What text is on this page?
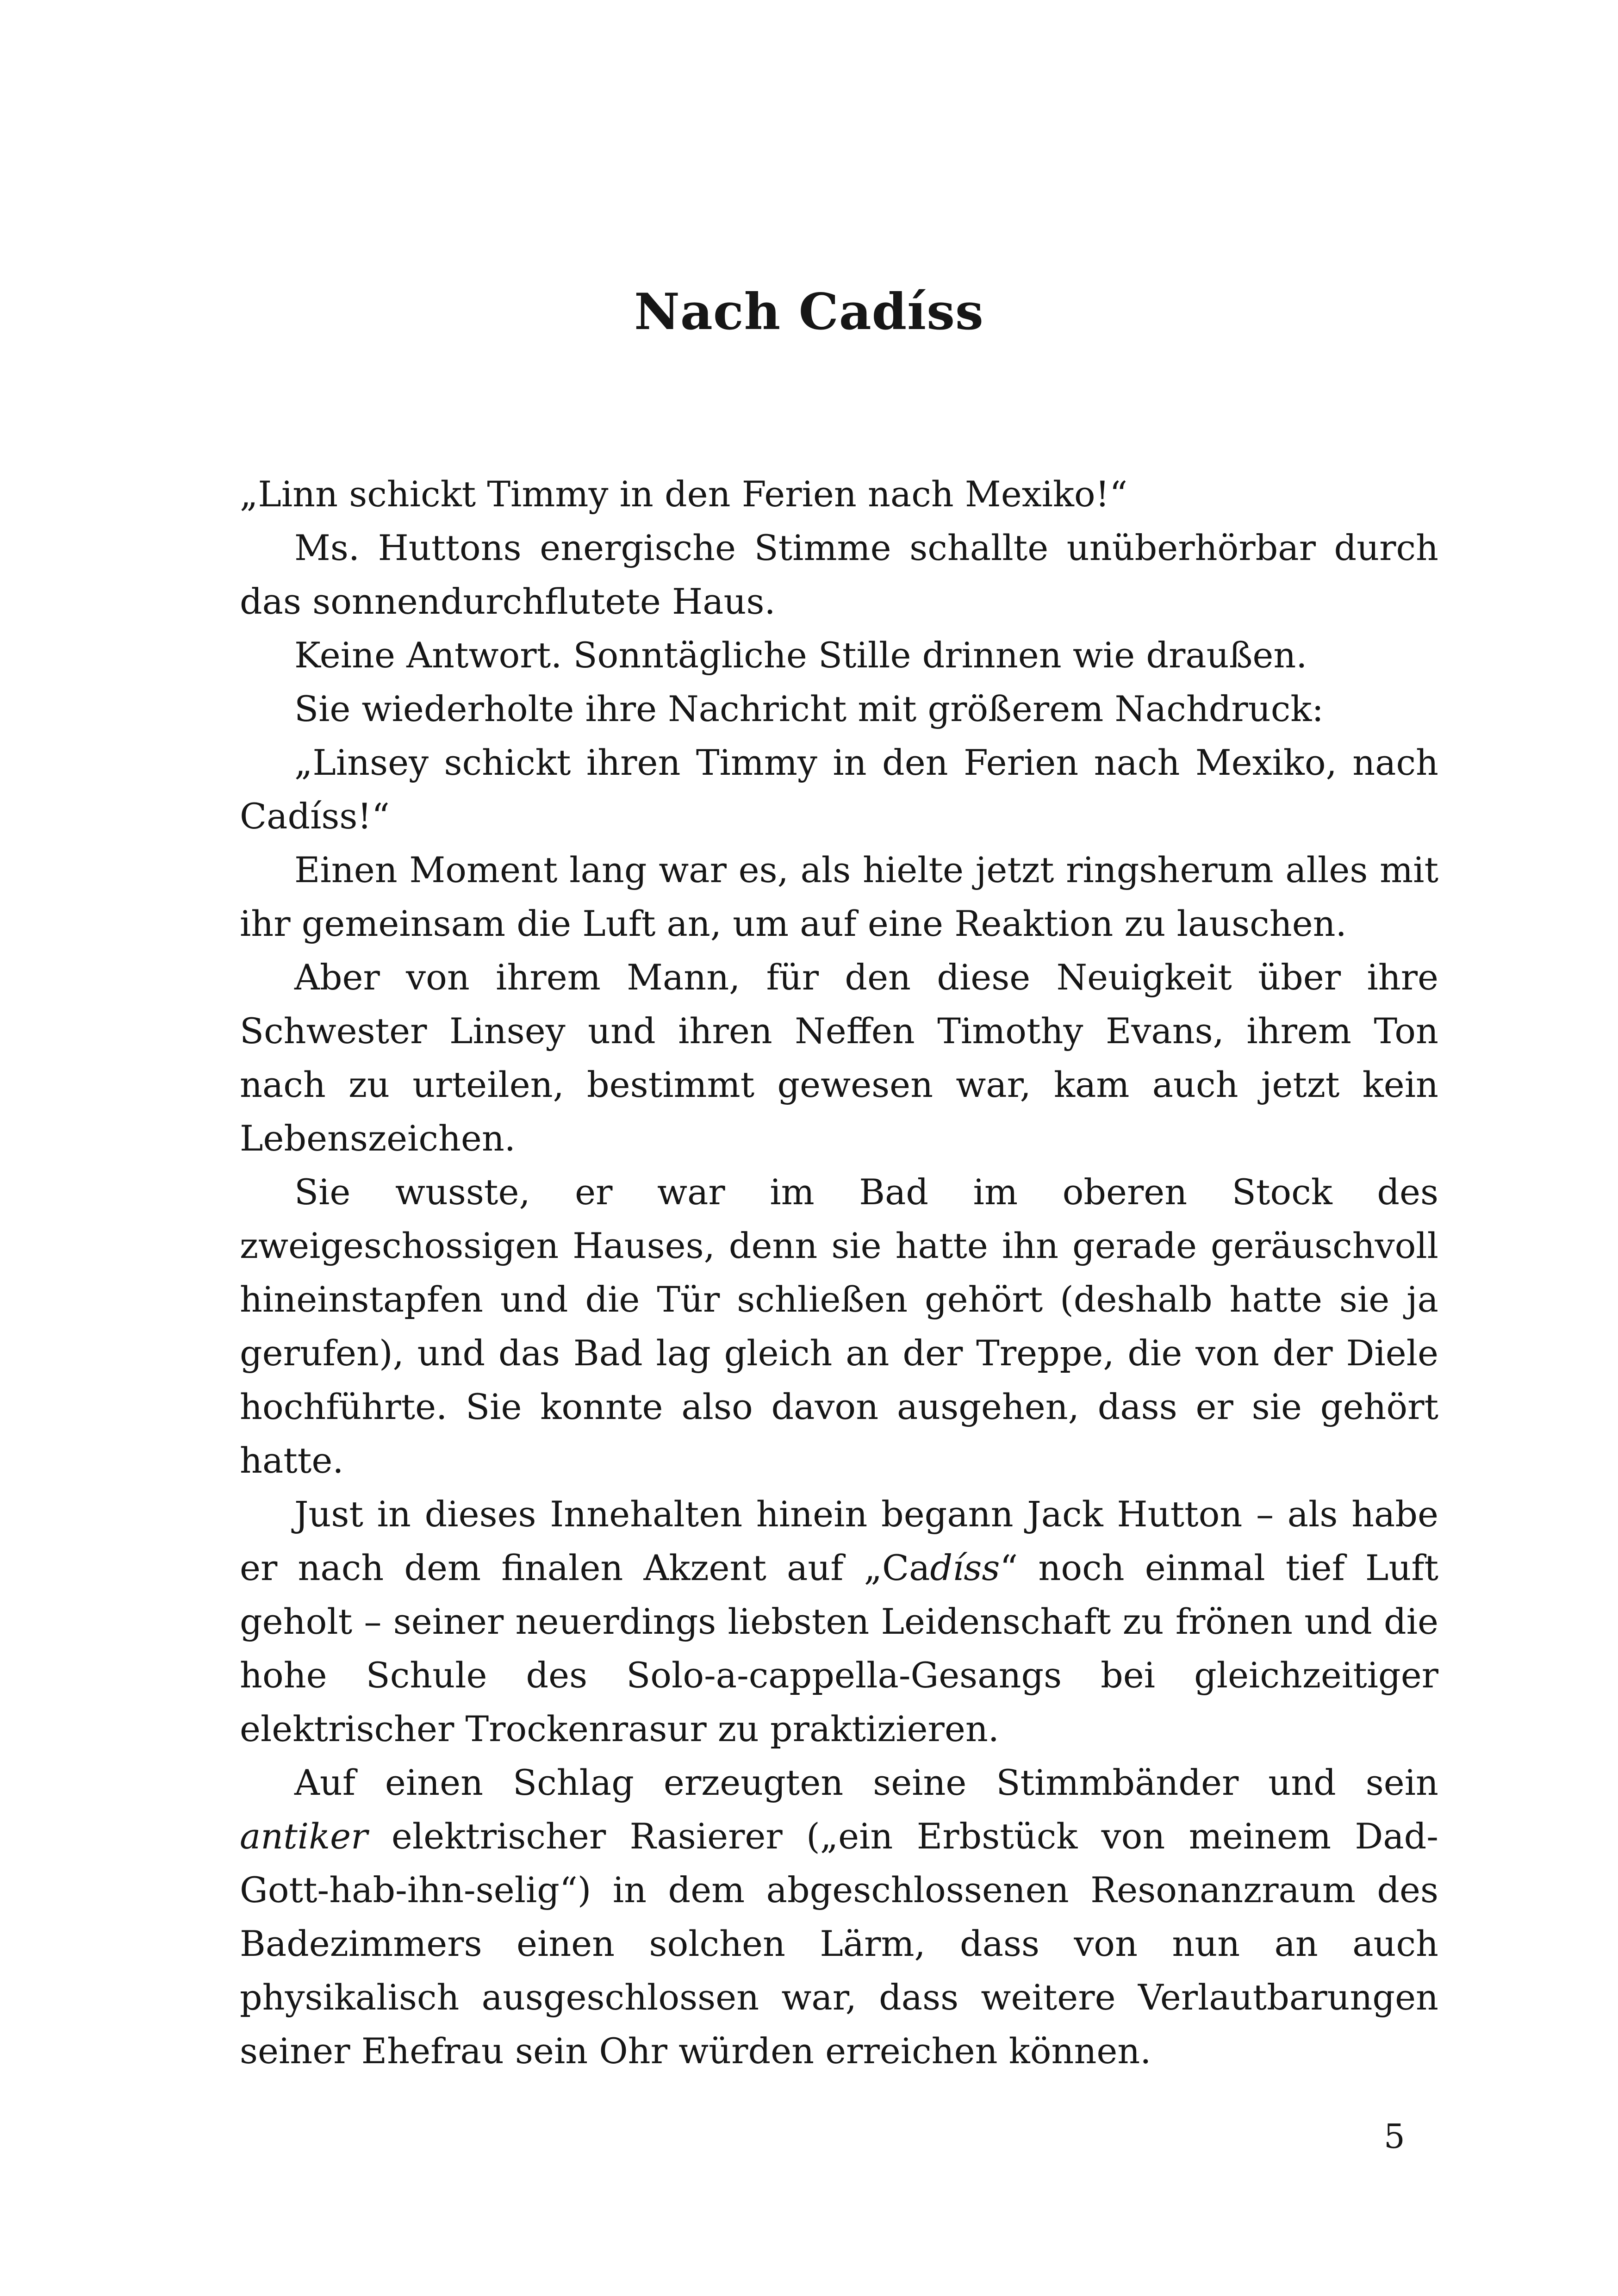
Nach Cadíss

„Linn schickt Timmy in den Ferien nach Mexiko!“

Ms. Huttons energische Stimme schallte unüberhörbar durch das sonnendurchflutete Haus.

Keine Antwort. Sonntägliche Stille drinnen wie draußen.

Sie wiederholte ihre Nachricht mit größerem Nachdruck:

„Linsey schickt ihren Timmy in den Ferien nach Mexiko, nach Cadíss!“

Einen Moment lang war es, als hielte jetzt ringsherum alles mit ihr gemeinsam die Luft an, um auf eine Reaktion zu lauschen.

Aber von ihrem Mann, für den diese Neuigkeit über ihre Schwester Linsey und ihren Neffen Timothy Evans, ihrem Ton nach zu urteilen, bestimmt gewesen war, kam auch jetzt kein Lebenszeichen.

Sie wusste, er war im Bad im oberen Stock des zweigeschossigen Hauses, denn sie hatte ihn gerade geräuschvoll hineinstapfen und die Tür schließen gehört (deshalb hatte sie ja gerufen), und das Bad lag gleich an der Treppe, die von der Diele hochführte. Sie konnte also davon ausgehen, dass er sie gehört hatte.

Just in dieses Innehalten hinein begann Jack Hutton – als habe er nach dem finalen Akzent auf „Cadíss“ noch einmal tief Luft geholt – seiner neuerdings liebsten Leidenschaft zu frönen und die hohe Schule des Solo-a-cappella-Gesangs bei gleichzeitiger elektrischer Trockenrasur zu praktizieren.

Auf einen Schlag erzeugten seine Stimmbänder und sein antiker elektrischer Rasierer („ein Erbstück von meinem Dad-Gott-hab-ihn-selig“) in dem abgeschlossenen Resonanzraum des Badezimmers einen solchen Lärm, dass von nun an auch physikalisch ausgeschlossen war, dass weitere Verlautbarungen seiner Ehefrau sein Ohr würden erreichen können.

5
